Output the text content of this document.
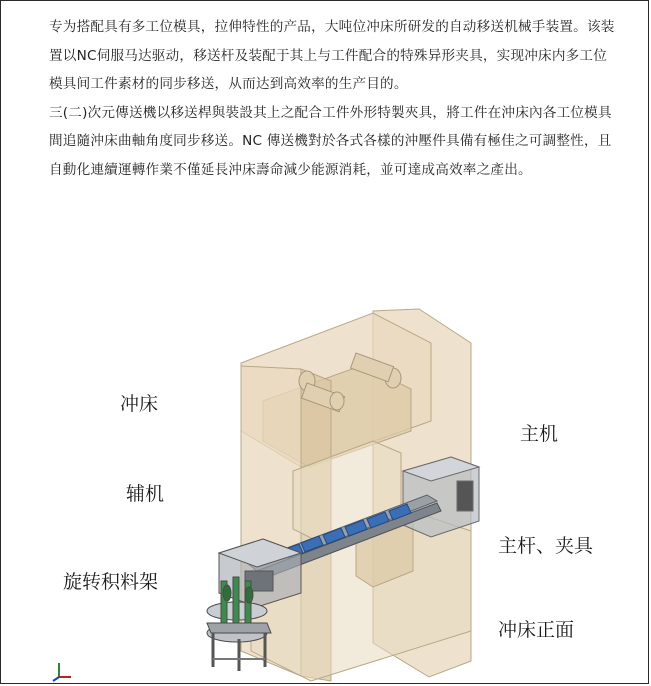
专为搭配具有多工位模具，拉伸特性的产品，大吨位冲床所研发的自动移送机械手装置。该装置以NC伺服马达驱动，移送杆及装配于其上与工件配合的特殊异形夹具，实现冲床内多工位模具间工件素材的同步移送，从而达到高效率的生产目的。

三(二)次元傳送機以移送桿與裝設其上之配合工件外形特製夾具，將工件在沖床內各工位模具間追隨沖床曲軸角度同步移送。NC 傳送機對於各式各樣的沖壓件具備有極佳之可調整性，且自動化連續運轉作業不僅延長沖床壽命減少能源消耗，並可達成高效率之產出。

冲床
辅机
旋转积料架
主机
主杆、夹具
冲床正面
